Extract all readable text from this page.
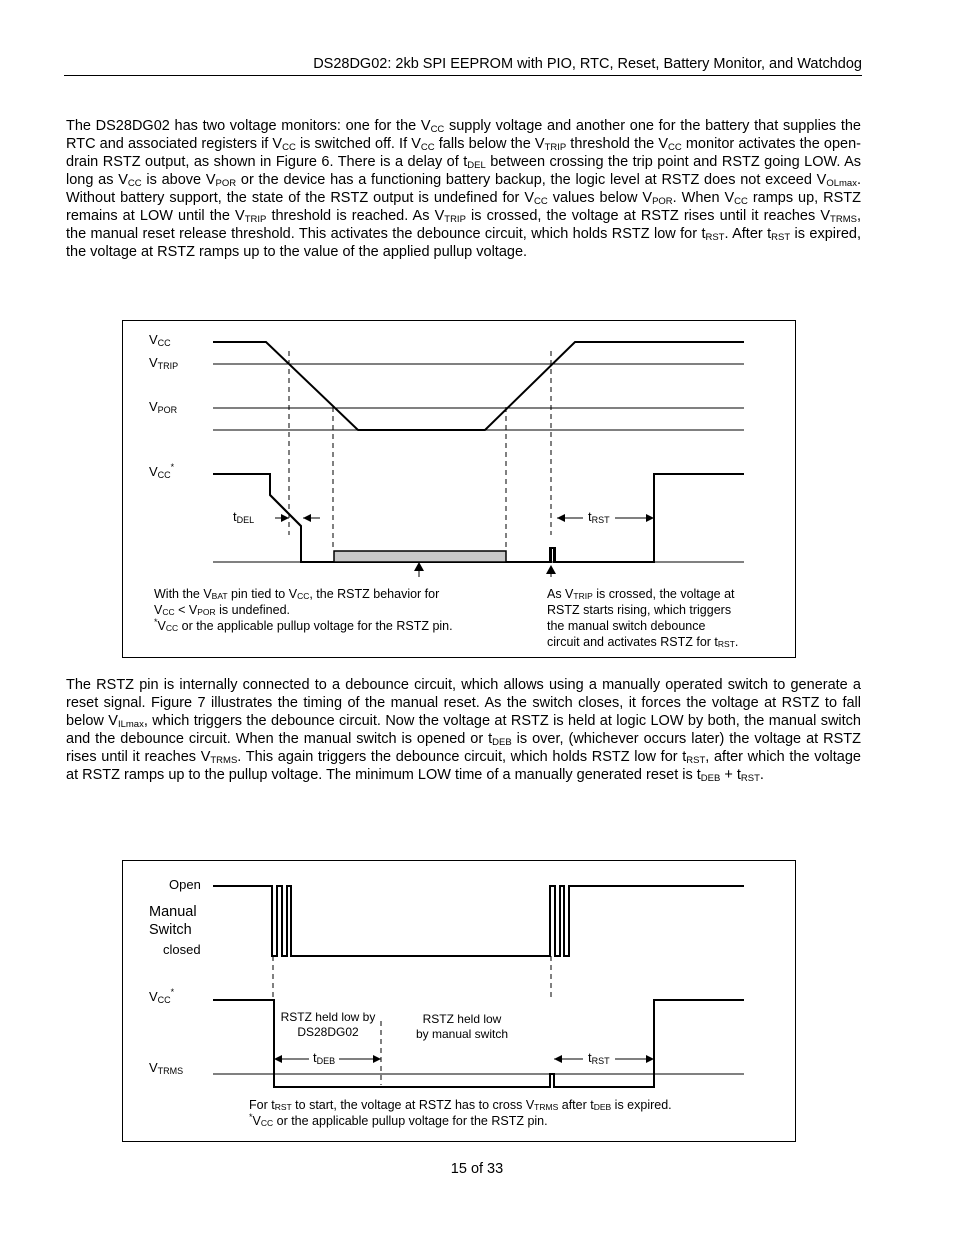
DS28DG02: 2kb SPI EEPROM with PIO, RTC, Reset, Battery Monitor, and Watchdog
The DS28DG02 has two voltage monitors: one for the $V_{CC}$ supply voltage and another one for the battery that supplies the RTC and associated registers if $V_{CC}$ is switched off. If $V_{CC}$ falls below the $V_{TRIP}$ threshold the $V_{CC}$ monitor activates the open-drain RSTZ output, as shown in Figure 6. There is a delay of $t_{DEL}$ between crossing the trip point and RSTZ going LOW. As long as $V_{CC}$ is above $V_{POR}$ or the device has a functioning battery backup, the logic level at RSTZ does not exceed $V_{OLmax}$. Without battery support, the state of the RSTZ output is undefined for $V_{CC}$ values below $V_{POR}$. When $V_{CC}$ ramps up, RSTZ remains at LOW until the $V_{TRIP}$ threshold is reached. As $V_{TRIP}$ is crossed, the voltage at RSTZ rises until it reaches $V_{TRMS}$, the manual reset release threshold. This activates the debounce circuit, which holds RSTZ low for $t_{RST}$. After $t_{RST}$ is expired, the voltage at RSTZ ramps up to the value of the applied pullup voltage.
$V_{CC}$
$V_{TRIP}$
$V_{POR}$
$V_{CC}^*$
$t_{DEL}$	$t_{RST}$
With the $V_{BAT}$ pin tied to $V_{CC}$, the RSTZ behavior for
$V_{CC} < V_{POR}$ is undefined.
$^*V_{CC}$ or the applicable pullup voltage for the RSTZ pin.
As $V_{TRIP}$ is crossed, the voltage at
RSTZ starts rising, which triggers
the manual switch debounce
circuit and activates RSTZ for $t_{RST}$.
The RSTZ pin is internally connected to a debounce circuit, which allows using a manually operated switch to generate a reset signal. Figure 7 illustrates the timing of the manual reset. As the switch closes, it forces the voltage at RSTZ to fall below $V_{ILmax}$, which triggers the debounce circuit. Now the voltage at RSTZ is held at logic LOW by both, the manual switch and the debounce circuit. When the manual switch is opened or $t_{DEB}$ is over, (whichever occurs later) the voltage at RSTZ rises until it reaches $V_{TRMS}$. This again triggers the debounce circuit, which holds RSTZ low for $t_{RST}$, after which the voltage at RSTZ ramps up to the pullup voltage. The minimum LOW time of a manually generated reset is $t_{DEB} + t_{RST}$.
Open
Manual
Switch
closed
$V_{CC}^*$
$V_{TRMS}$
RSTZ held low by
DS28DG02
RSTZ held low
by manual switch
$t_{DEB}$	$t_{RST}$
For $t_{RST}$ to start, the voltage at RSTZ has to cross $V_{TRMS}$ after $t_{DEB}$ is expired.
$^*V_{CC}$ or the applicable pullup voltage for the RSTZ pin.
15 of 33
